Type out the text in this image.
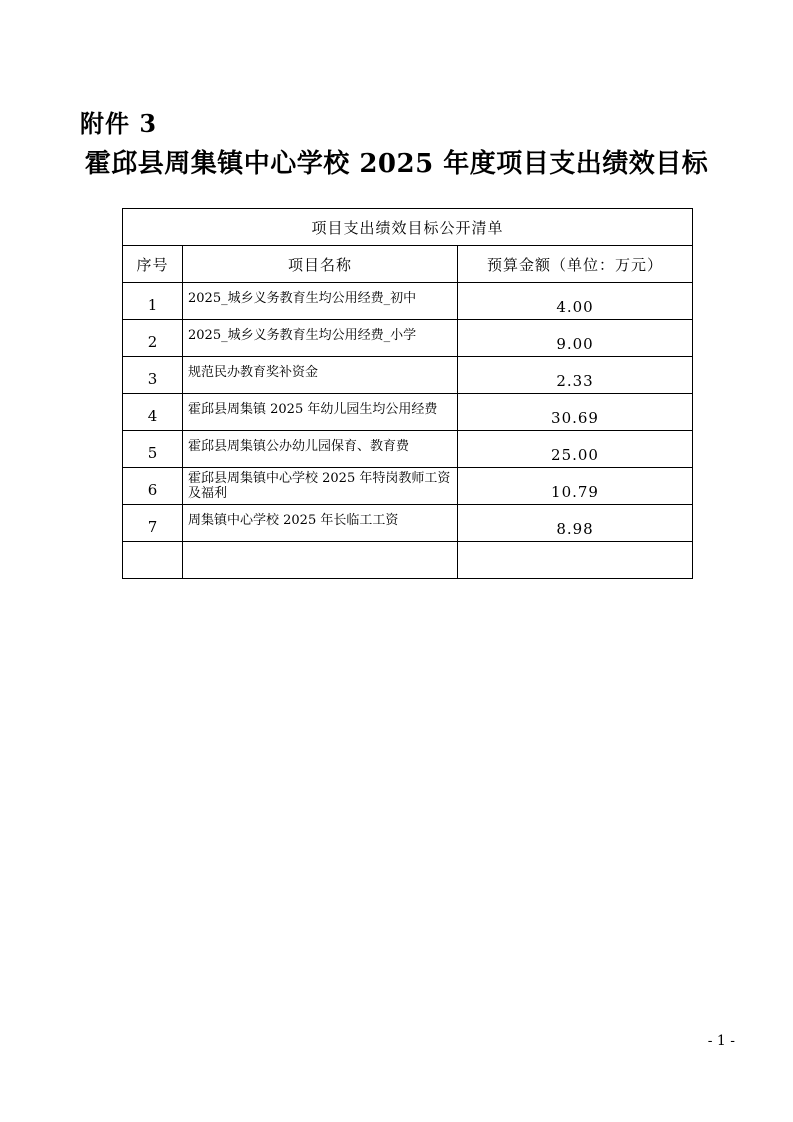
附件 3
霍邱县周集镇中心学校 2025 年度项目支出绩效目标
项目支出绩效目标公开清单		
序号	项目名称	预算金额（单位：万元）
1	2025_城乡义务教育生均公用经费_初中	4.00
2	2025_城乡义务教育生均公用经费_小学	9.00
3	规范民办教育奖补资金	2.33
4	霍邱县周集镇 2025 年幼儿园生均公用经费	30.69
5	霍邱县周集镇公办幼儿园保育、教育费	25.00
6	霍邱县周集镇中心学校 2025 年特岗教师工资及福利	10.79
7	周集镇中心学校 2025 年长临工工资	8.98

- 1 -
